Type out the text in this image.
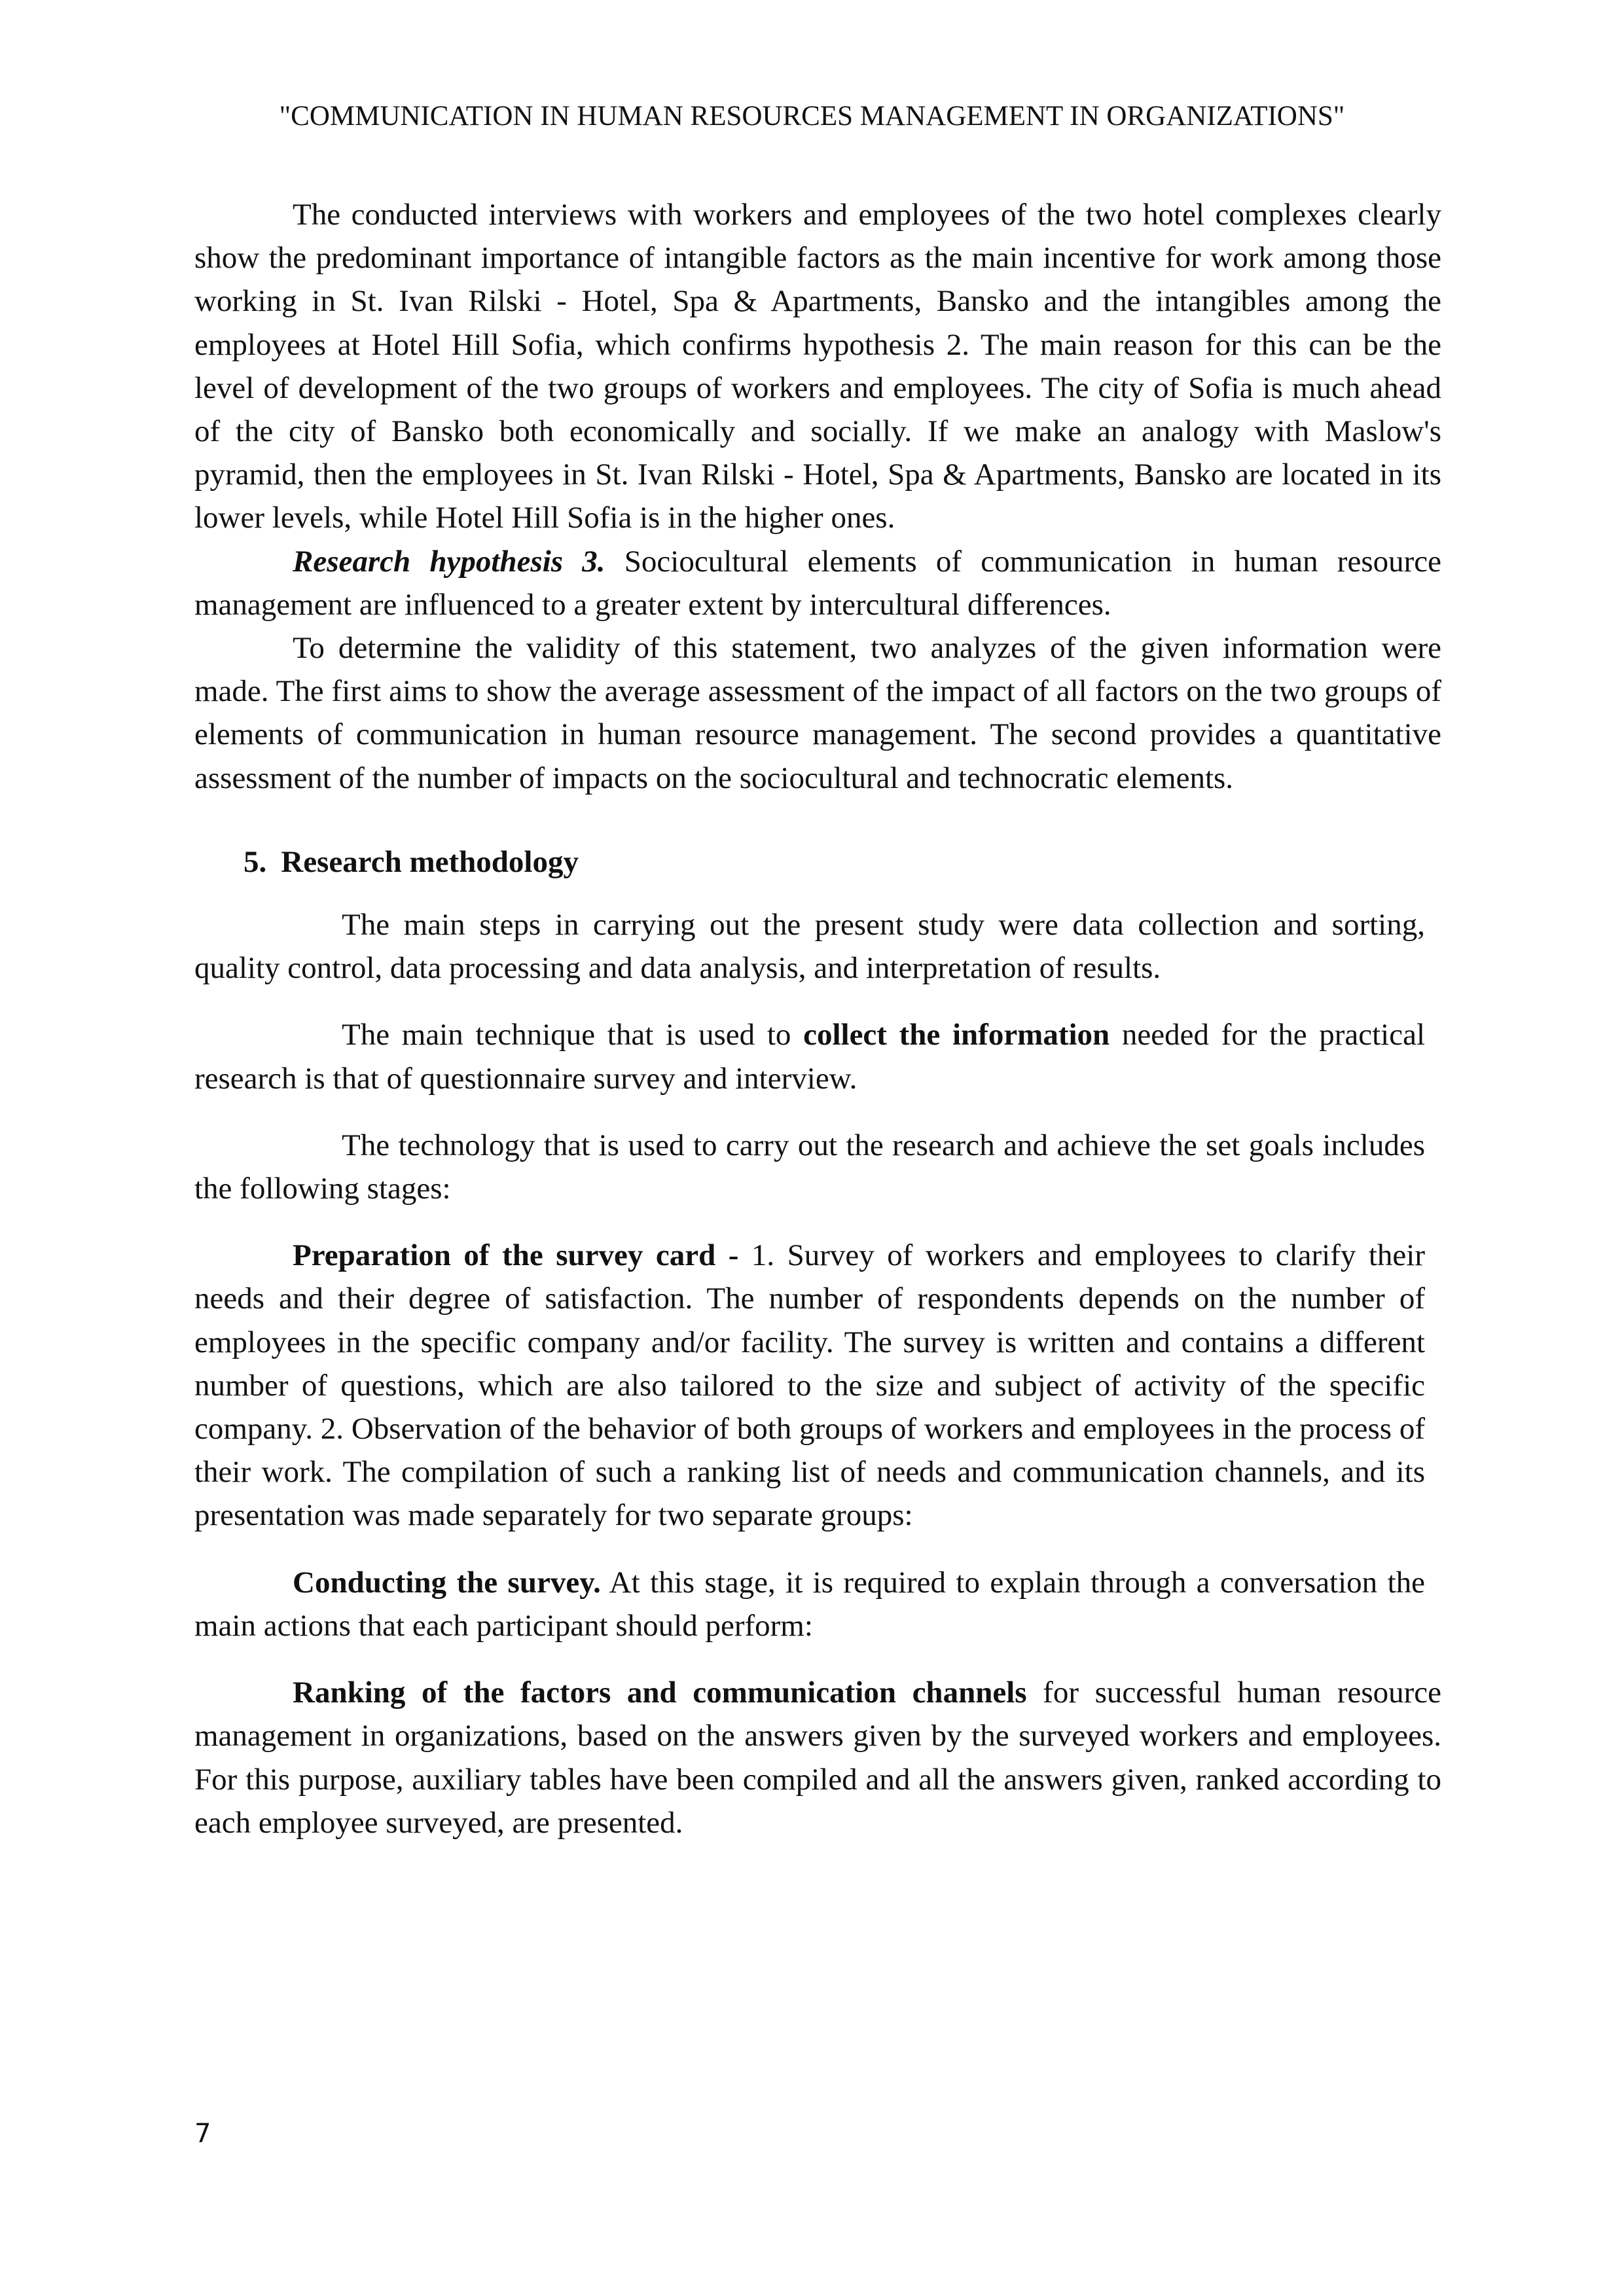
"COMMUNICATION IN HUMAN RESOURCES MANAGEMENT IN ORGANIZATIONS"

The conducted interviews with workers and employees of the two hotel complexes clearly show the predominant importance of intangible factors as the main incentive for work among those working in St. Ivan Rilski - Hotel, Spa & Apartments, Bansko and the intangibles among the employees at Hotel Hill Sofia, which confirms hypothesis 2. The main reason for this can be the level of development of the two groups of workers and employees. The city of Sofia is much ahead of the city of Bansko both economically and socially. If we make an analogy with Maslow's pyramid, then the employees in St. Ivan Rilski - Hotel, Spa & Apartments, Bansko are located in its lower levels, while Hotel Hill Sofia is in the higher ones.

Research hypothesis 3. Sociocultural elements of communication in human resource management are influenced to a greater extent by intercultural differences.

To determine the validity of this statement, two analyzes of the given information were made. The first aims to show the average assessment of the impact of all factors on the two groups of elements of communication in human resource management. The second provides a quantitative assessment of the number of impacts on the sociocultural and technocratic elements.

5. Research methodology

The main steps in carrying out the present study were data collection and sorting, quality control, data processing and data analysis, and interpretation of results.

The main technique that is used to collect the information needed for the practical research is that of questionnaire survey and interview.

The technology that is used to carry out the research and achieve the set goals includes the following stages:

Preparation of the survey card - 1. Survey of workers and employees to clarify their needs and their degree of satisfaction. The number of respondents depends on the number of employees in the specific company and/or facility. The survey is written and contains a different number of questions, which are also tailored to the size and subject of activity of the specific company. 2. Observation of the behavior of both groups of workers and employees in the process of their work. The compilation of such a ranking list of needs and communication channels, and its presentation was made separately for two separate groups:

Conducting the survey. At this stage, it is required to explain through a conversation the main actions that each participant should perform:

Ranking of the factors and communication channels for successful human resource management in organizations, based on the answers given by the surveyed workers and employees. For this purpose, auxiliary tables have been compiled and all the answers given, ranked according to each employee surveyed, are presented.

7
